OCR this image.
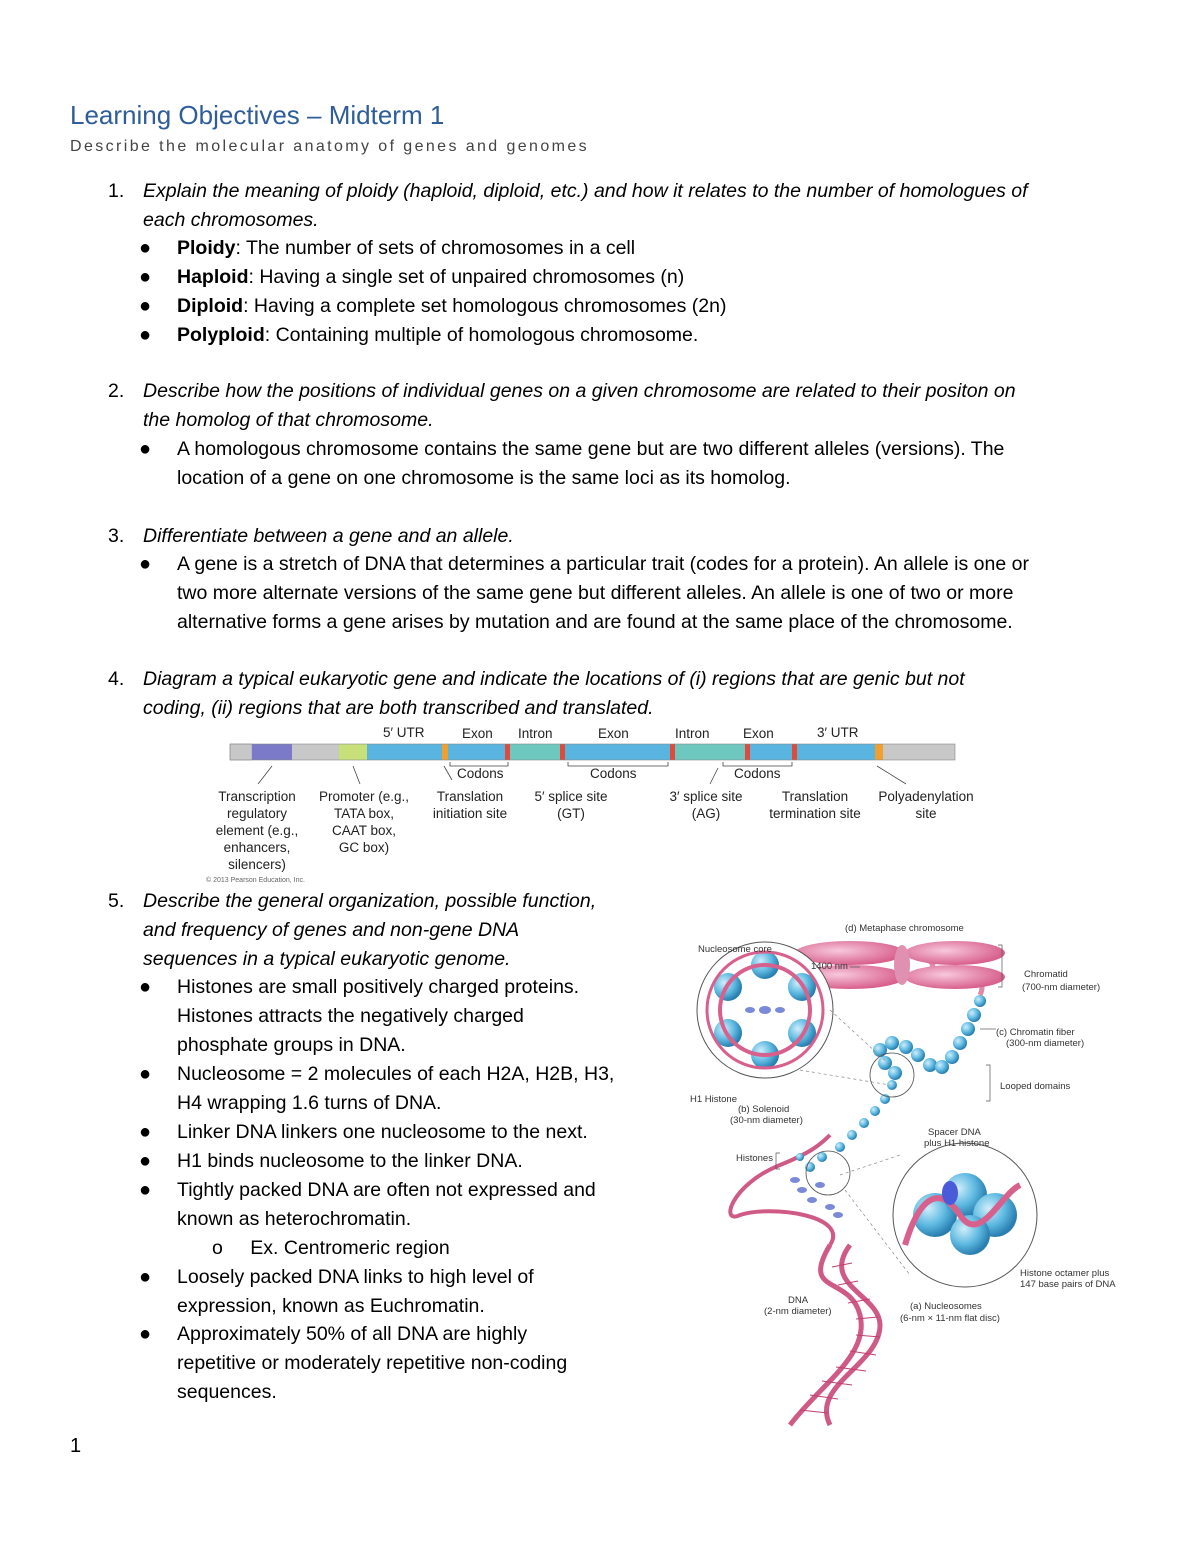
Learning Objectives – Midterm 1
Describe the molecular anatomy of genes and genomes
1. Explain the meaning of ploidy (haploid, diploid, etc.) and how it relates to the number of homologues of
each chromosomes.
● Ploidy: The number of sets of chromosomes in a cell
● Haploid: Having a single set of unpaired chromosomes (n)
● Diploid: Having a complete set homologous chromosomes (2n)
● Polyploid: Containing multiple of homologous chromosome.
2. Describe how the positions of individual genes on a given chromosome are related to their positon on
the homolog of that chromosome.
● A homologous chromosome contains the same gene but are two different alleles (versions). The
location of a gene on one chromosome is the same loci as its homolog.
3. Differentiate between a gene and an allele.
● A gene is a stretch of DNA that determines a particular trait (codes for a protein). An allele is one or
two more alternate versions of the same gene but different alleles. An allele is one of two or more
alternative forms a gene arises by mutation and are found at the same place of the chromosome.
4. Diagram a typical eukaryotic gene and indicate the locations of (i) regions that are genic but not
coding, (ii) regions that are both transcribed and translated.
5′ UTR	Exon Intron	Exon	Intron Exon	3′ UTR
Codons	Codons	Codons
Transcription
regulatory
element (e.g.,
enhancers,
silencers)
Promoter (e.g.,
TATA box,
CAAT box,
GC box)
Translation
initiation site
5′ splice site
(GT)
3′ splice site
(AG)
Translation
termination site
Polyadenylation
site
© 2013 Pearson Education, Inc.
5. Describe the general organization, possible function,
and frequency of genes and non-gene DNA
sequences in a typical eukaryotic genome.
● Histones are small positively charged proteins.
Histones attracts the negatively charged
phosphate groups in DNA.
● Nucleosome = 2 molecules of each H2A, H2B, H3,
H4 wrapping 1.6 turns of DNA.
● Linker DNA linkers one nucleosome to the next.
● H1 binds nucleosome to the linker DNA.
● Tightly packed DNA are often not expressed and
known as heterochromatin.
o Ex. Centromeric region
● Loosely packed DNA links to high level of
expression, known as Euchromatin.
● Approximately 50% of all DNA are highly
repetitive or moderately repetitive non-coding
sequences.
(d) Metaphase chromosome
Nucleosome core
1400 nm
Chromatid
(700-nm diameter)
(c) Chromatin fiber
(300-nm diameter)
Looped domains
H1 Histone
(b) Solenoid
(30-nm diameter)
Spacer DNA
plus H1 histone
Histones
Histone octamer plus
147 base pairs of DNA
DNA
(2-nm diameter)	(a) Nucleosomes
(6-nm × 11-nm flat disc)
1
